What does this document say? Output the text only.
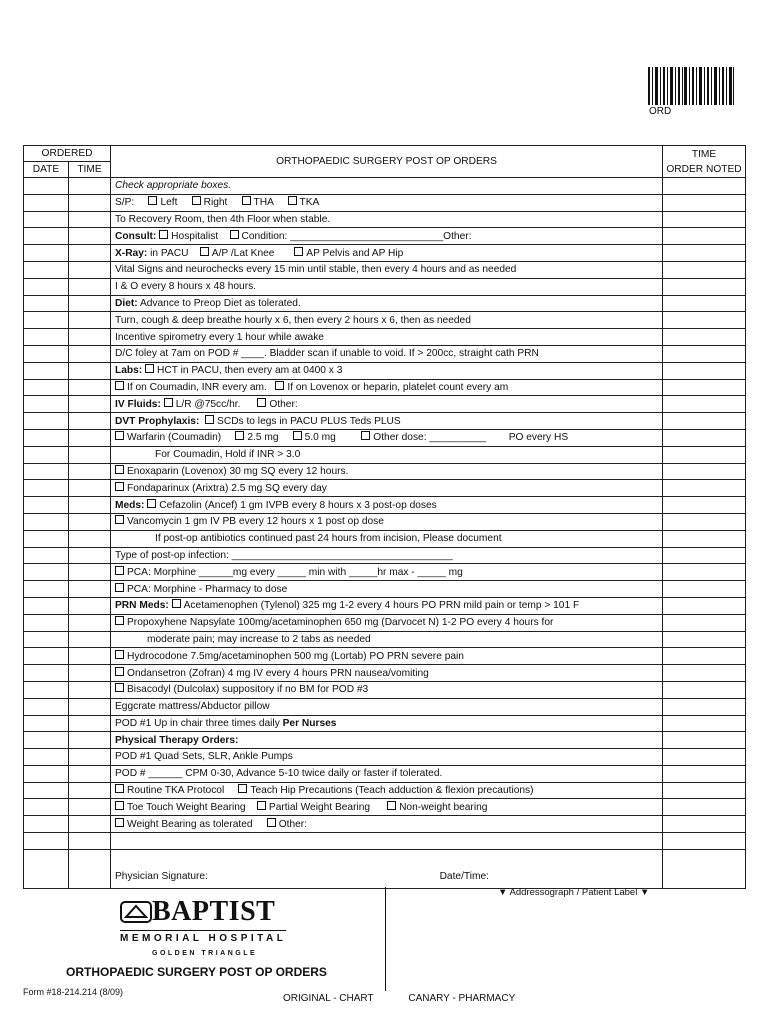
ORD
ORDERED		ORTHOPAEDIC SURGERY POST OP ORDERS	TIME
ORDER NOTED

DATE	TIME		
		Check appropriate boxes.	
		S/P: Left Right THA TKA	
		To Recovery Room, then 4th Floor when stable.	
		Consult: Hospitalist Condition: ___________________________Other:	
		X-Ray: in PACU A/P /Lat Knee AP Pelvis and AP Hip	
		Vital Signs and neurochecks every 15 min until stable, then every 4 hours and as needed	
		I & O every 8 hours x 48 hours.	
		Diet: Advance to Preop Diet as tolerated.	
		Turn, cough & deep breathe hourly x 6, then every 2 hours x 6, then as needed	
		Incentive spirometry every 1 hour while awake	
		D/C foley at 7am on POD # ____. Bladder scan if unable to void. If > 200cc, straight cath PRN	
		Labs: HCT in PACU, then every am at 0400 x 3	
		If on Coumadin, INR every am. If on Lovenox or heparin, platelet count every am	
		IV Fluids: L/R @75cc/hr. Other:	
		DVT Prophylaxis: SCDs to legs in PACU PLUS Teds PLUS	
		Warfarin (Coumadin) 2.5 mg 5.0 mg Other dose: __________ PO every HS	
		For Coumadin, Hold if INR > 3.0	
		Enoxaparin (Lovenox) 30 mg SQ every 12 hours.	
		Fondaparinux (Arixtra) 2.5 mg SQ every day	
		Meds: Cefazolin (Ancef) 1 gm IVPB every 8 hours x 3 post-op doses	
		Vancomycin 1 gm IV PB every 12 hours x 1 post op dose	
		If post-op antibiotics continued past 24 hours from incision, Please document	
		Type of post-op infection: _______________________________________	
		PCA: Morphine ______mg every _____ min with _____hr max - _____ mg	
		PCA: Morphine - Pharmacy to dose	
		PRN Meds: Acetamenophen (Tylenol) 325 mg 1-2 every 4 hours PO PRN mild pain or temp > 101 F	
		Propoxyhene Napsylate 100mg/acetaminophen 650 mg (Darvocet N) 1-2 PO every 4 hours for	
		moderate pain; may increase to 2 tabs as needed	
		Hydrocodone 7.5mg/acetaminophen 500 mg (Lortab) PO PRN severe pain	
		Ondansetron (Zofran) 4 mg IV every 4 hours PRN nausea/vomiting	
		Bisacodyl (Dulcolax) suppository if no BM for POD #3	
		Eggcrate mattress/Abductor pillow	
		POD #1 Up in chair three times daily Per Nurses	
		Physical Therapy Orders:	
		POD #1 Quad Sets, SLR, Ankle Pumps	
		POD # ______ CPM 0-30, Advance 5-10 twice daily or faster if tolerated.	
		Routine TKA Protocol Teach Hip Precautions (Teach adduction & flexion precautions)	
		Toe Touch Weight Bearing Partial Weight Bearing Non-weight bearing	
		Weight Bearing as tolerated Other:	

		Physician Signature: Date/Time:	
BAPTIST
MEMORIAL HOSPITAL
GOLDEN TRIANGLE
▼ Addressograph / Patient Label ▼
ORTHOPAEDIC SURGERY POST OP ORDERS
Form #18-214.214 (8/09)
ORIGINAL - CHART	CANARY - PHARMACY
